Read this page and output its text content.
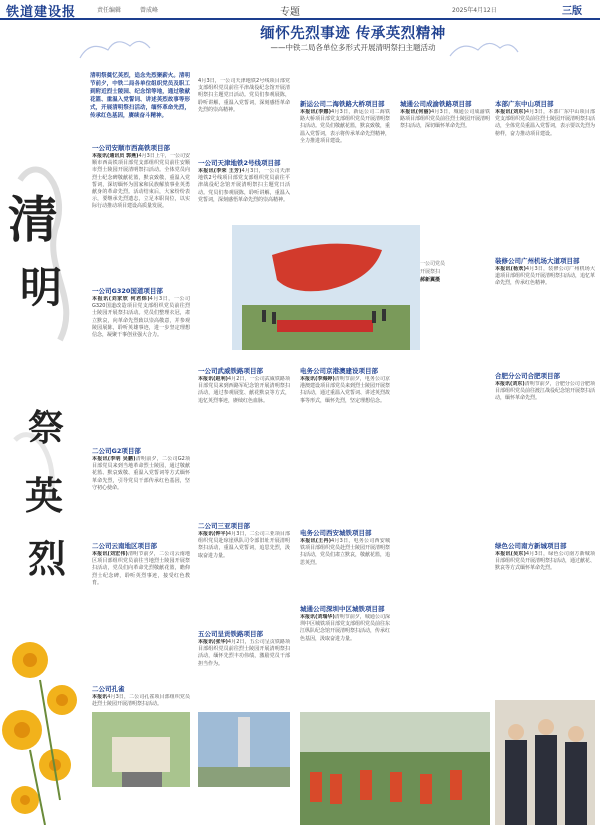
铁道建设报	责任编辑	曾成峰	专题	2025年4月12日	三版
缅怀先烈事迹 传承英烈精神
——中铁二局各单位多形式开展清明祭扫主题活动
清
明
祭
英
烈
清明祭奠忆英烈，追念先烈聚薪火。清明节前夕，中铁二局各单位组织党员及职工到附近烈士陵园、纪念馆等地，通过敬献花篮、重温入党誓词、讲述英烈故事等形式，开展清明祭扫活动，缅怀革命先烈，传承红色基因，赓续奋斗精神。
一公司安顺市西高铁项目部
本报讯(通讯员 郭燕)4月3日上午，一公司安顺市西高铁项目部党支部组织党员前往安顺市烈士陵园开展清明祭扫活动。全体党员向烈士纪念碑敬献花篮，默哀致敬，重温入党誓词，深切缅怀为国家和民族解放事业英勇献身的革命先烈。活动结束后，大家纷纷表示，要继承先烈遗志，立足本职岗位，以实际行动推动项目建设高质量发展。
一公司G320国道项目部
本报讯(刘家欣 何君炜)4月3日，一公司G320国道改造项目党支部组织党员前往烈士陵园开展祭扫活动。党员们整理衣冠，肃立默哀，向革命先烈致以崇高敬意，并参观陵园展陈，聆听英雄事迹，进一步坚定理想信念，凝聚干事创业强大合力。
二公司G2项目部
本报讯(李明 吴鹏)清明前夕，二公司G2项目部党员来到当地革命烈士陵园，通过敬献花篮、默哀致敬、重温入党誓词等方式缅怀革命先烈，引导党员干部传承红色基因，坚守初心使命。
二公司云南地区项目部
本报讯(刘宏伟)清明节前夕，二公司云南地区项目部组织党员前往当地烈士陵园开展祭扫活动，党员们向革命先烈敬献花篮，瞻仰烈士纪念碑，聆听英烈事迹，接受红色教育。
二公司孔雀
本报讯4月3日，二公司孔雀项目部组织党员赴烈士陵园开展清明祭扫活动。
4月3日，一公司天津地铁2号线项目部党支部组织党员前往平津战役纪念馆开展清明祭扫主题党日活动。党员们参观展陈，聆听讲解，重温入党誓词，深刻感悟革命先烈的崇高精神。
一公司天津地铁2号线项目部
本报讯(李荣 王芳)4月3日，一公司天津地铁2号线项目部党支部组织党员前往平津战役纪念馆开展清明祭扫主题党日活动。党员们参观展陈，聆听讲解，重温入党誓词，深刻感悟革命先烈的崇高精神。
一公司党员
开展祭扫
郝新翼摄
一公司武威铁路项目部
本报讯(赵利)4月2日，一公司武威铁路项目部党员来到西路军纪念馆开展清明祭扫活动，通过参观展览、献花默哀等方式，追忆英烈事迹，赓续红色血脉。
二公司三亚项目部
本报讯(钟平)4月3日，二公司三亚项目部组织党员赴琼崖纵队司令部旧址开展清明祭扫活动，重温入党誓词，追思先烈，汲取奋进力量。
五公司呈贡铁路项目部
本报讯(张华)4月2日，五公司呈贡铁路项目部组织党员前往烈士陵园开展清明祭扫活动，缅怀先烈丰功伟绩，激励党员干部担当作为。
新运公司二海铁路大桥项目部
本报讯(李娜)4月3日，新运公司二海铁路大桥项目部党支部组织党员开展清明祭扫活动。党员们敬献花篮，默哀致敬，重温入党誓词，表示将传承革命先烈精神，全力推进项目建设。
电务公司京港澳建设项目部
本报讯(李海婷)清明节前夕，电务公司京港澳建设项目部党员来到烈士陵园开展祭扫活动，通过重温入党誓词、讲述英烈故事等形式，缅怀先烈，坚定理想信念。
电务公司西安城铁项目部
本报讯(王冉)4月3日，电务公司西安城铁项目部组织党员赴烈士陵园开展清明祭扫活动，党员们肃立默哀，敬献花篮，追思英烈。
城通公司深圳中区城铁项目部
本报讯(刘瑞华)清明节前夕，城通公司深圳中区城铁项目部党支部组织党员前往东江纵队纪念馆开展清明祭扫活动，传承红色基因，汲取奋进力量。
城通公司成渝铁路项目部
本报讯(何丽)4月3日，城通公司成渝铁路项目部组织党员前往烈士陵园开展清明祭扫活动，深切缅怀革命先烈。
本部广东中山项目部
本报讯(刘东)4月3日，本部广东中山项目部党支部组织党员前往烈士陵园开展清明祭扫活动，全体党员重温入党誓词，表示要以先烈为榜样，奋力推动项目建设。
装修公司广州机场大道项目部
本报讯(杨欢)4月3日，装修公司广州机场大道项目部组织党员开展清明祭扫活动，追忆革命先烈，传承红色精神。
合肥分公司合肥项目部
本报讯(刘东)清明节前夕，合肥分公司合肥项目部组织党员前往渡江战役纪念馆开展祭扫活动，缅怀革命先烈。
绿色公司南方新城项目部
本报讯(吴东)4月3日，绿色公司南方新城项目部组织党员开展清明祭扫活动，通过献花、默哀等方式缅怀革命先烈。
